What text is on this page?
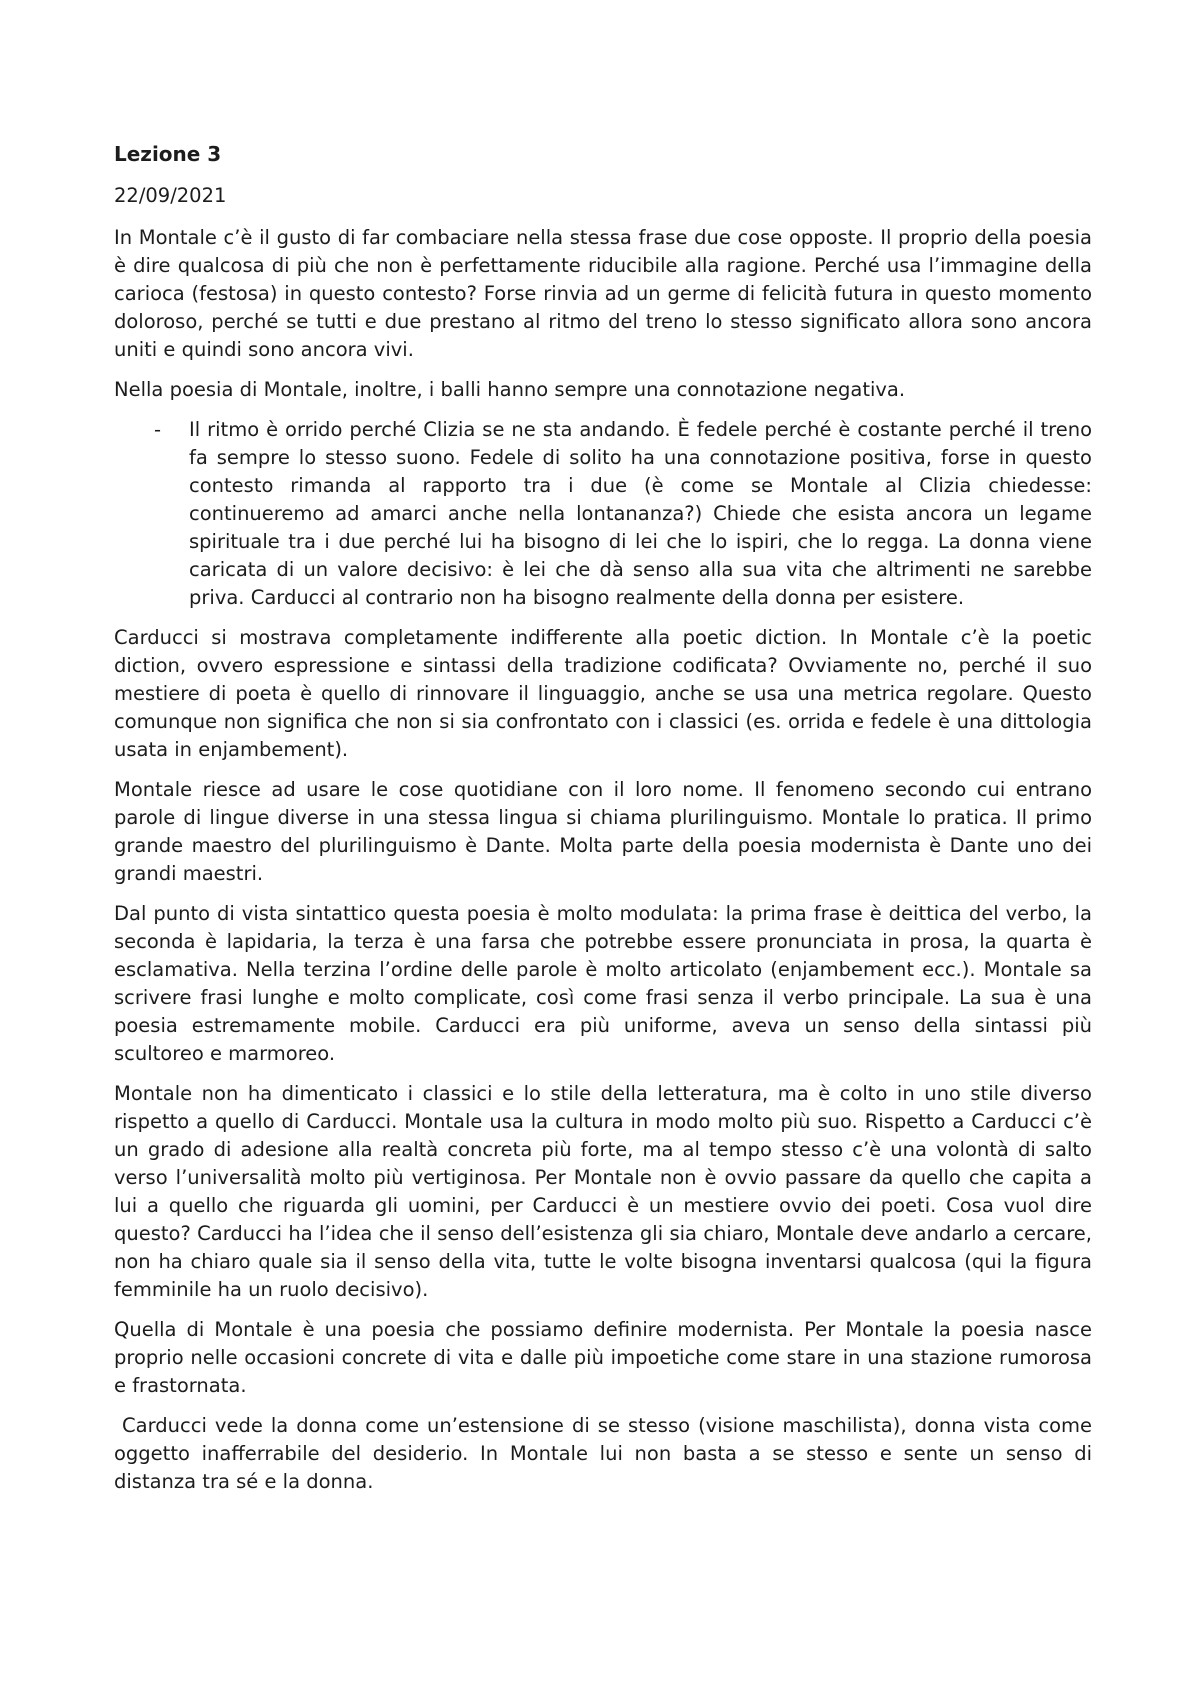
Lezione 3
22/09/2021

In Montale c’è il gusto di far combaciare nella stessa frase due cose opposte. Il proprio della poesia è dire qualcosa di più che non è perfettamente riducibile alla ragione. Perché usa l’immagine della carioca (festosa) in questo contesto? Forse rinvia ad un germe di felicità futura in questo momento doloroso, perché se tutti e due prestano al ritmo del treno lo stesso significato allora sono ancora uniti e quindi sono ancora vivi.

Nella poesia di Montale, inoltre, i balli hanno sempre una connotazione negativa.

- Il ritmo è orrido perché Clizia se ne sta andando. È fedele perché è costante perché il treno fa sempre lo stesso suono. Fedele di solito ha una connotazione positiva, forse in questo contesto rimanda al rapporto tra i due (è come se Montale al Clizia chiedesse: continueremo ad amarci anche nella lontananza?) Chiede che esista ancora un legame spirituale tra i due perché lui ha bisogno di lei che lo ispiri, che lo regga. La donna viene caricata di un valore decisivo: è lei che dà senso alla sua vita che altrimenti ne sarebbe priva. Carducci al contrario non ha bisogno realmente della donna per esistere.

Carducci si mostrava completamente indifferente alla poetic diction. In Montale c’è la poetic diction, ovvero espressione e sintassi della tradizione codificata? Ovviamente no, perché il suo mestiere di poeta è quello di rinnovare il linguaggio, anche se usa una metrica regolare. Questo comunque non significa che non si sia confrontato con i classici (es. orrida e fedele è una dittologia usata in enjambement).

Montale riesce ad usare le cose quotidiane con il loro nome. Il fenomeno secondo cui entrano parole di lingue diverse in una stessa lingua si chiama plurilinguismo. Montale lo pratica. Il primo grande maestro del plurilinguismo è Dante. Molta parte della poesia modernista è Dante uno dei grandi maestri.

Dal punto di vista sintattico questa poesia è molto modulata: la prima frase è deittica del verbo, la seconda è lapidaria, la terza è una farsa che potrebbe essere pronunciata in prosa, la quarta è esclamativa. Nella terzina l’ordine delle parole è molto articolato (enjambement ecc.). Montale sa scrivere frasi lunghe e molto complicate, così come frasi senza il verbo principale. La sua è una poesia estremamente mobile. Carducci era più uniforme, aveva un senso della sintassi più scultoreo e marmoreo.

Montale non ha dimenticato i classici e lo stile della letteratura, ma è colto in uno stile diverso rispetto a quello di Carducci. Montale usa la cultura in modo molto più suo. Rispetto a Carducci c’è un grado di adesione alla realtà concreta più forte, ma al tempo stesso c’è una volontà di salto verso l’universalità molto più vertiginosa. Per Montale non è ovvio passare da quello che capita a lui a quello che riguarda gli uomini, per Carducci è un mestiere ovvio dei poeti. Cosa vuol dire questo? Carducci ha l’idea che il senso dell’esistenza gli sia chiaro, Montale deve andarlo a cercare, non ha chiaro quale sia il senso della vita, tutte le volte bisogna inventarsi qualcosa (qui la figura femminile ha un ruolo decisivo).

Quella di Montale è una poesia che possiamo definire modernista. Per Montale la poesia nasce proprio nelle occasioni concrete di vita e dalle più impoetiche come stare in una stazione rumorosa e frastornata.

Carducci vede la donna come un’estensione di se stesso (visione maschilista), donna vista come oggetto inafferrabile del desiderio. In Montale lui non basta a se stesso e sente un senso di distanza tra sé e la donna.
